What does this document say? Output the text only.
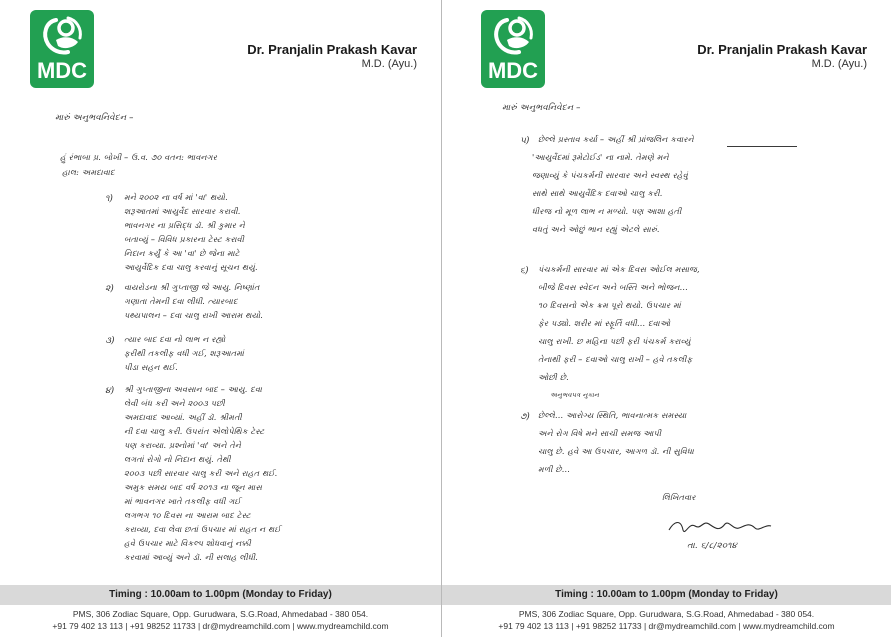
MDC
Dr. Pranjalin Prakash Kavar
M.D. (Ayu.)
મારું અનુભવનિવેદન –
હું રંભાબા પ્ર. બોખી – ઉ.વ. ૭૦ વતન: ભાવનગર
હાલ: અમદાવાદ
૧) મને ૨૦૦૨ ના વર્ષ માં 'વા' થયો.
શરૂઆતમાં આયુર્વેદ સારવાર કરાવી.
ભાવનગર ના પ્રસિદ્ધ ડૉ. શ્રી કુમાર ને
બતાવ્યું – વિવિધ પ્રકારના ટેસ્ટ કરાવી
નિદાન કર્યું કે આ 'વા' છે જેના માટે
આયુર્વેદિક દવા ચાલુ કરવાનું સૂચન થયું.
૨) વાયરોડના શ્રી ગુપ્તાજી જે આયુ. નિષ્ણાંત
ગણાતા તેમની દવા લીધી. ત્યારબાદ
પથ્યપાલન – દવા ચાલુ રાખી આરામ થયો.
૩) ત્યાર બાદ દવા નો લાભ ન રહ્યો
ફરીથી તકલીફ વધી ગઈ, શરૂઆતમાં
પીડા સહન થઈ.
૪) શ્રી ગુપ્તાજીના અવસાન બાદ – આયુ. દવા
લેવી બંધ કરી અને ૨૦૦૩ પછી
અમદાવાદ આવ્યાં. અહીં ડૉ. શ્રીમતી
ની દવા ચાલુ કરી. ઉપરાંત એલોપેથિક ટેસ્ટ
પણ કરાવ્યા. પ્રશ્નોમાં 'વા' અને તેને
લગતાં રોગો નો નિદાન થયું. તેથી
૨૦૦૩ પછી સારવાર ચાલુ કરી અને રાહત થઈ.
અમુક સમય બાદ વર્ષ ૨૦૧૩ ના જૂન માસ
માં ભાવનગર ખાતે તકલીફ વધી ગઈ
લગભગ ૧૦ દિવસ ના આરામ બાદ ટેસ્ટ
કરાવ્યા, દવા લેવા છતાં ઉપચાર માં રાહત ન થઈ
હવે ઉપચાર માટે વિકલ્પ શોધવાનું નક્કી
કરવામાં આવ્યું અને ડૉ. ની સલાહ લીધી.
Timing : 10.00am to 1.00pm (Monday to Friday)
PMS, 306 Zodiac Square, Opp. Gurudwara, S.G.Road, Ahmedabad - 380 054.
+91 79 402 13 113 | +91 98252 11733 | dr@mydreamchild.com | www.mydreamchild.com
MDC
Dr. Pranjalin Prakash Kavar
M.D. (Ayu.)
મારું અનુભવનિવેદન –
૫) છેલ્લે પ્રસ્તાવ કર્યા – અહીં શ્રી પ્રાંજલિન કવારને
'આયુર્વેદમાં રૂમેટોઈડ' ના નામે. તેમણે મને
જણાવ્યું કે પંચકર્મની સારવાર અને સ્વસ્થ રહેવું
સાથે સાથે આયુર્વેદિક દવાઓ ચાલુ કરી.
ધીરજ નો મૂળ લાભ ન મળ્યો. પણ આશા હતી
વધતું અને ઓછું ભાન રહ્યું એટલે સારું.
૬) પંચકર્મની સારવાર માં એક દિવસ ઓઈલ મસાજ,
બીજે દિવસ સ્વેદન અને બસ્તિ અને ભોજન...
૧૦ દિવસનો એક ક્રમ પૂરો થયો. ઉપચાર માં
ફેર પડ્યો. શરીર માં સ્ફૂર્તિ વધી... દવાઓ
ચાલુ રાખી. છ મહિના પછી ફરી પંચકર્મ કરાવ્યું
તેનાથી ફરી – દવાઓ ચાલુ રાખી – હવે તકલીફ
ઓછી છે.
અનુભવપત્ર નુકાન
૭) છેલ્લે... આરોગ્ય સ્થિતિ, ભાવનાત્મક સમસ્યા
અને રોગ વિષે મને સાચી સમજ આપી
ચાલુ છે. હવે આ ઉપચાર, આગળ ડૉ. ની સુવિધા
મળી છે...
લિખિતવાર
તા. ૬/૮/૨૦૧૪
Timing : 10.00am to 1.00pm (Monday to Friday)
PMS, 306 Zodiac Square, Opp. Gurudwara, S.G.Road, Ahmedabad - 380 054.
+91 79 402 13 113 | +91 98252 11733 | dr@mydreamchild.com | www.mydreamchild.com
